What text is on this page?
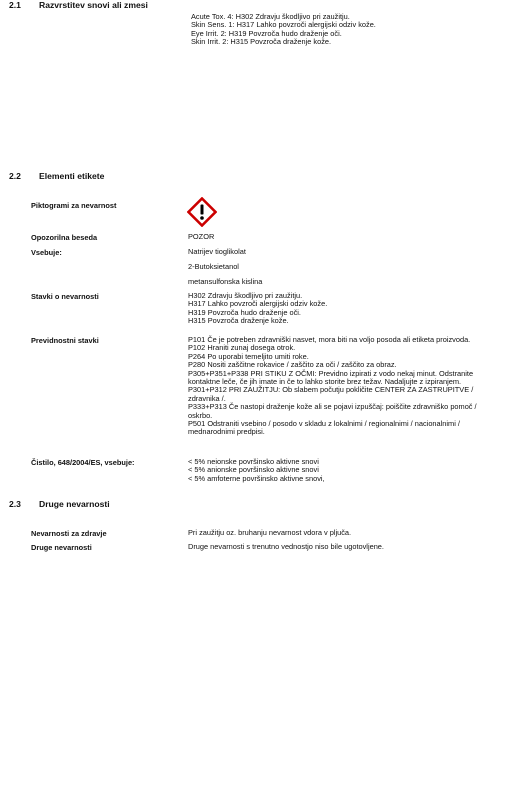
2.1 Razvrstitev snovi ali zmesi
Acute Tox. 4: H302 Zdravju škodljivo pri zaužitju.
Skin Sens. 1: H317 Lahko povzroči alergijski odziv kože.
Eye Irrit. 2: H319 Povzroča hudo draženje oči.
Skin Irrit. 2: H315 Povzroča draženje kože.
2.2 Elementi etikete
Piktogrami za nevarnost
Opozorilna beseda	POZOR
Vsebuje:	Natrijev tioglikolat
2-Butoksietanol
metansulfonska kislina
Stavki o nevarnosti	H302 Zdravju škodljivo pri zaužitju.
H317 Lahko povzroči alergijski odziv kože.
H319 Povzroča hudo draženje oči.
H315 Povzroča draženje kože.
Previdnostni stavki	P101 Če je potreben zdravniški nasvet, mora biti na voljo posoda ali etiketa proizvoda.
P102 Hraniti zunaj dosega otrok.
P264 Po uporabi temeljito umiti roke.
P280 Nositi zaščitne rokavice / zaščito za oči / zaščito za obraz.
P305+P351+P338 PRI STIKU Z OČMI: Previdno izpirati z vodo nekaj minut. Odstranite
kontaktne leče, če jih imate in če to lahko storite brez težav. Nadaljujte z izpiranjem.
P301+P312 PRI ZAUŽITJU: Ob slabem počutju pokličite CENTER ZA ZASTRUPITVE /
zdravnika /.
P333+P313 Če nastopi draženje kože ali se pojavi izpuščaj: poiščite zdravniško pomoč /
oskrbo.
P501 Odstraniti vsebino / posodo v skladu z lokalnimi / regionalnimi / nacionalnimi /
mednarodnimi predpisi.
Čistilo, 648/2004/ES, vsebuje:	< 5% neionske površinsko aktivne snovi
< 5% anionske površinsko aktivne snovi
< 5% amfoterne površinsko aktivne snovi,
2.3 Druge nevarnosti
Nevarnosti za zdravje	Pri zaužitju oz. bruhanju nevarnost vdora v pljuča.
Druge nevarnosti	Druge nevarnosti s trenutno vednostjo niso bile ugotovljene.
